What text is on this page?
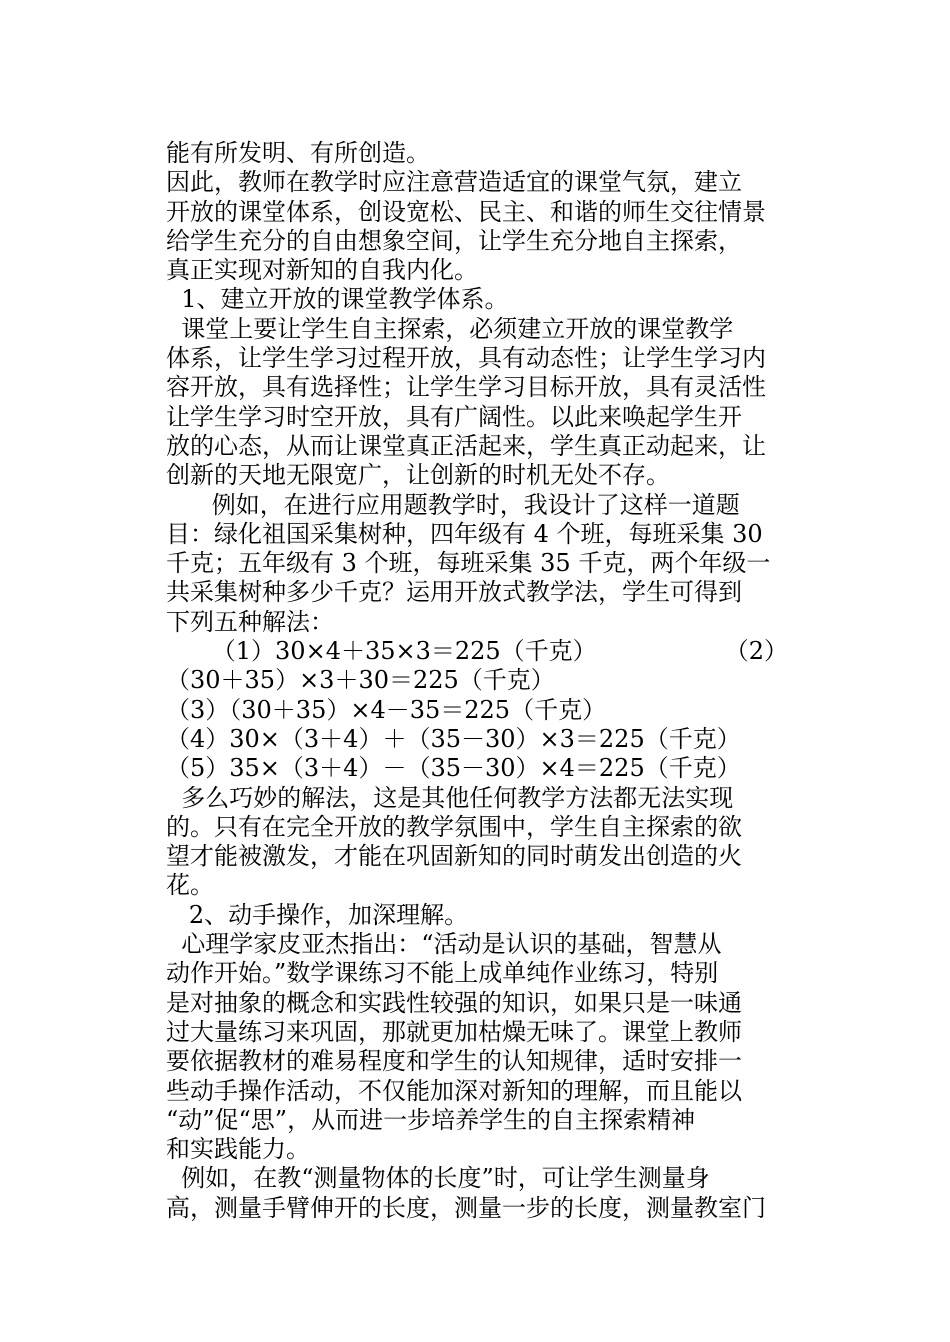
能有所发明、有所创造。
因此，教师在教学时应注意营造适宜的课堂气氛，建立
开放的课堂体系，创设宽松、民主、和谐的师生交往情景
给学生充分的自由想象空间，让学生充分地自主探索，
真正实现对新知的自我内化。
1、建立开放的课堂教学体系。
课堂上要让学生自主探索，必须建立开放的课堂教学
体系，让学生学习过程开放，具有动态性；让学生学习内
容开放，具有选择性；让学生学习目标开放，具有灵活性
让学生学习时空开放，具有广阔性。以此来唤起学生开
放的心态，从而让课堂真正活起来，学生真正动起来，让
创新的天地无限宽广，让创新的时机无处不存。
例如，在进行应用题教学时，我设计了这样一道题
目：绿化祖国采集树种，四年级有 4 个班，每班采集 30
千克；五年级有 3 个班，每班采集 35 千克，两个年级一
共采集树种多少千克？运用开放式教学法，学生可得到
下列五种解法：
（1）30×4＋35×3＝225（千克）	（2）
（30＋35）×3＋30＝225（千克）
（3）（30＋35）×4－35＝225（千克）
（4）30×（3＋4）＋（35－30）×3＝225（千克）
（5）35×（3＋4）－（35－30）×4＝225（千克）
多么巧妙的解法，这是其他任何教学方法都无法实现
的。只有在完全开放的教学氛围中，学生自主探索的欲
望才能被激发，才能在巩固新知的同时萌发出创造的火
花。
2、动手操作，加深理解。
心理学家皮亚杰指出：“活动是认识的基础，智慧从
动作开始。”数学课练习不能上成单纯作业练习，特别
是对抽象的概念和实践性较强的知识，如果只是一味通
过大量练习来巩固，那就更加枯燥无味了。课堂上教师
要依据教材的难易程度和学生的认知规律，适时安排一
些动手操作活动，不仅能加深对新知的理解，而且能以
“动”促“思”，从而进一步培养学生的自主探索精神
和实践能力。
例如，在教“测量物体的长度”时，可让学生测量身
高，测量手臂伸开的长度，测量一步的长度，测量教室门
